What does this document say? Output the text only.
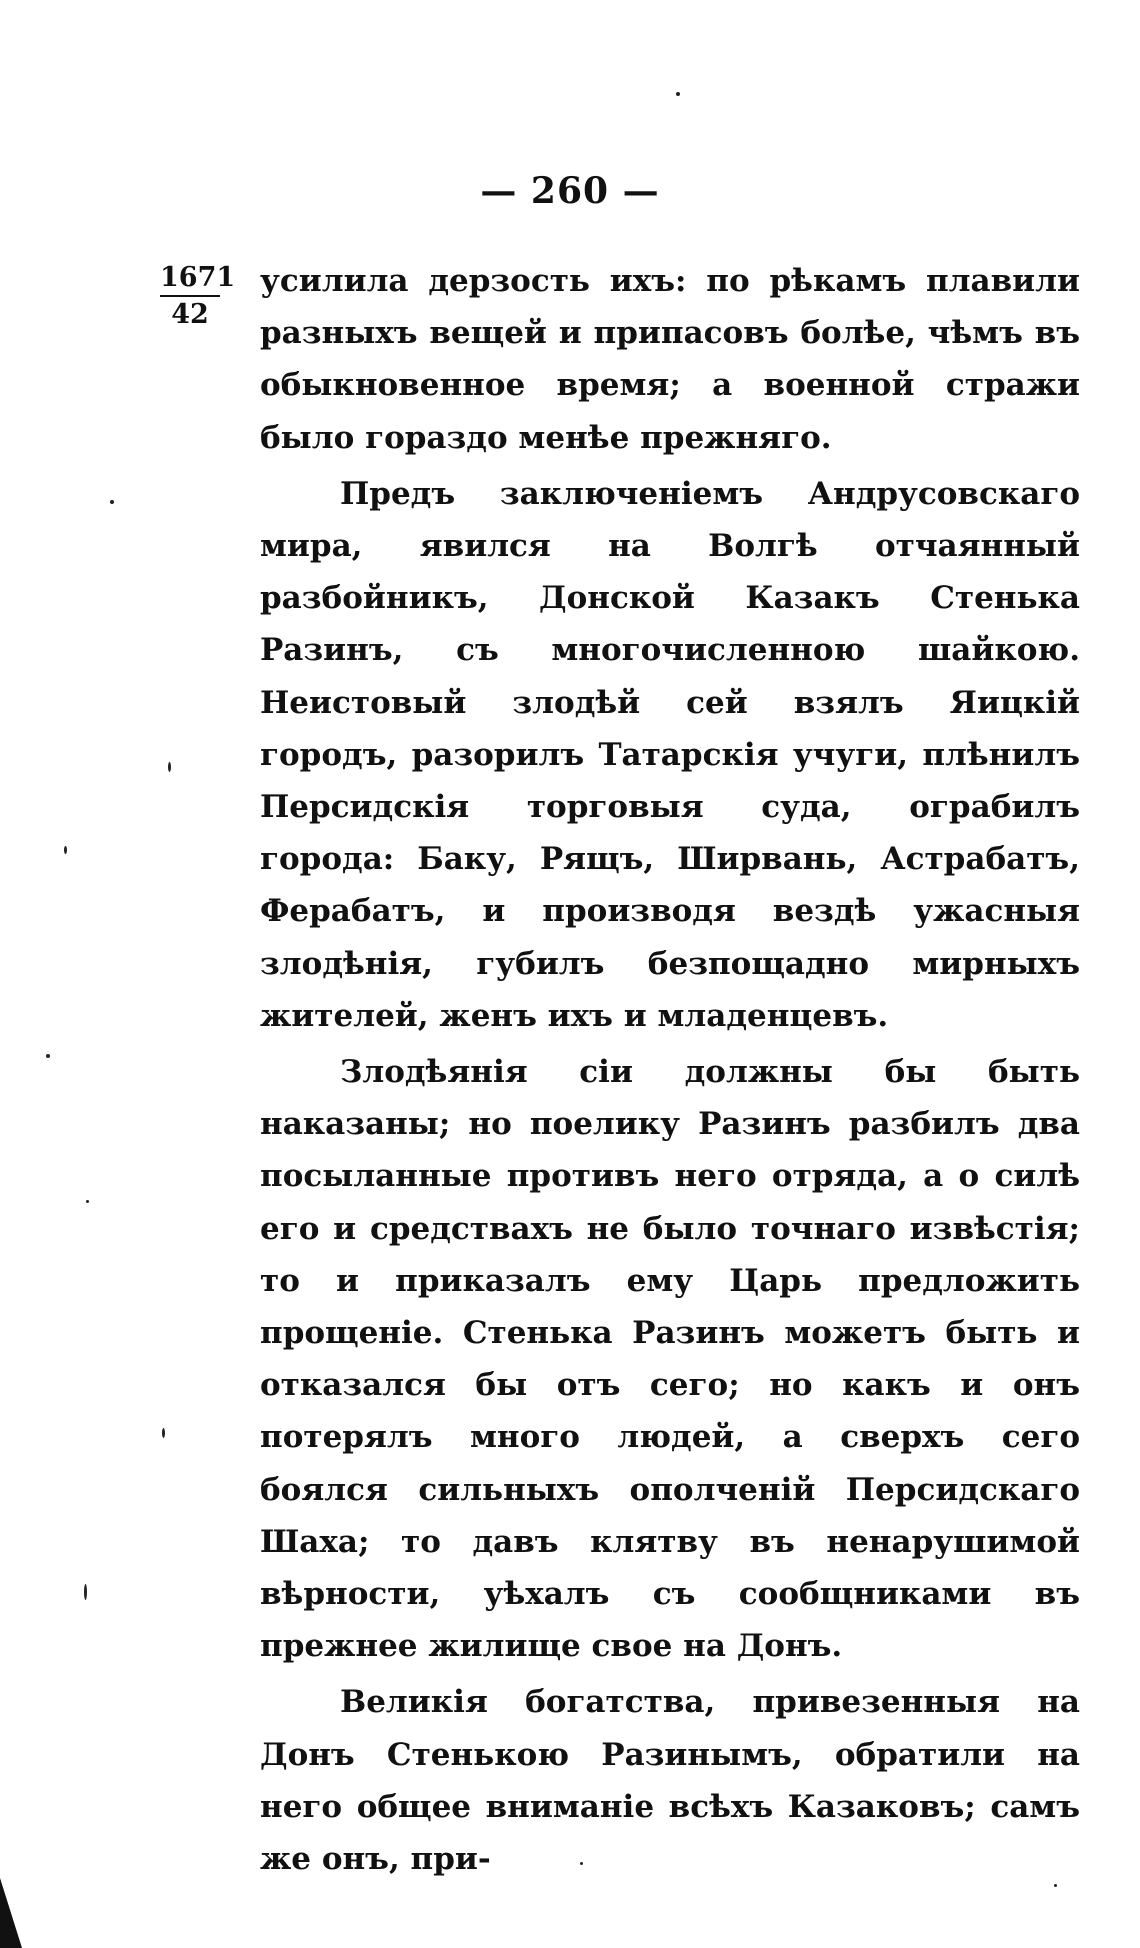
— 260 —
1671
42

усилила дерзость ихъ: по рѣкамъ плавили разныхъ вещей и припасовъ болѣе, чѣмъ въ обыкновенное время; а военной стражи было гораздо менѣе прежняго.

Предъ заключенiемъ Андрусовскаго мира, явился на Волгѣ отчаянный разбойникъ, Донской Казакъ Стенька Разинъ, съ многочисленною шайкою. Неистовый злодѣй сей взялъ Яицкiй городъ, разорилъ Татарскiя учуги, плѣнилъ Персидскiя торговыя суда, ограбилъ города: Баку, Рящъ, Ширвань, Астрабатъ, Ферабатъ, и производя вездѣ ужасныя злодѣнiя, губилъ безпощадно мирныхъ жителей, женъ ихъ и младенцевъ.

Злодѣянiя сiи должны бы быть наказаны; но поелику Разинъ разбилъ два посыланные противъ него отряда, а о силѣ его и средствахъ не было точнаго извѣстiя; то и приказалъ ему Царь предложить прощенiе. Стенька Разинъ можетъ быть и отказался бы отъ сего; но какъ и онъ потерялъ много людей, а сверхъ сего боялся сильныхъ ополченiй Персидскаго Шаха; то давъ клятву въ ненарушимой вѣрности, уѣхалъ съ сообщниками въ прежнее жилище свое на Донъ.

Великiя богатства, привезенныя на Донъ Стенькою Разинымъ, обратили на него общее вниманiе всѣхъ Казаковъ; самъ же онъ, при-
